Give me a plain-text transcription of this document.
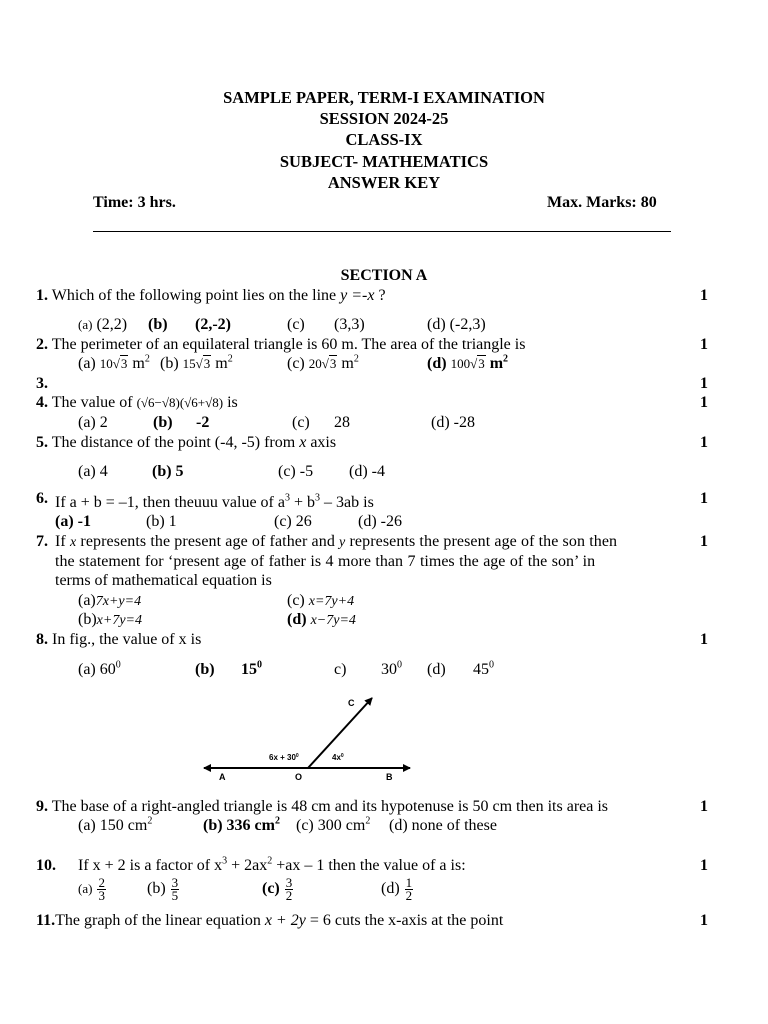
SAMPLE PAPER, TERM-I EXAMINATION
SESSION 2024-25
CLASS-IX
SUBJECT- MATHEMATICS
ANSWER KEY
Time: 3 hrs.	Max. Marks: 80
SECTION A
1. Which of the following point lies on the line y =-x ?	1
(a) (2,2) (b) (2,-2)	(c) (3,3)	(d) (-2,3)
2. The perimeter of an equilateral triangle is 60 m. The area of the triangle is	1
(a) 10√3 $m^2$ (b) 15√3 $m^2$	(c) 20√3 $m^2$	(d) 100√3 $m^2$
3.	1
4. The value of (√6−√8)(√6+√8) is	1
(a) 2	(b) -2	(c) 28	(d) -28
5. The distance of the point (-4, -5) from x axis	1
(a) 4	(b) 5	(c) -5 (d) -4
6. If a + b = –1, then theuuu value of $a^3 + b^3 - 3ab$ is	1
(a) -1	(b) 1	(c) 26	(d) -26
7. If x represents the present age of father and y represents the present age of the son then
the statement for ‘present age of father is 4 more than 7 times the age of the son’ in
terms of mathematical equation is
1
(a)7x+y=4	(c) x=7y+4
(b)x+7y=4	(d) x−7y=4
8. In fig., the value of x is	1
(a) $60^0$	(b) $15^0$	c) $30^0$ (d) $45^0$
C
A	O	B
$6x + 30^0$	$4x^0$
9. The base of a right-angled triangle is 48 cm and its hypotenuse is 50 cm then its area is	1
(a) 150 $cm^2$	(b) 336 $cm^2$ (c) 300 $cm^2$ (d) none of these
10. If x + 2 is a factor of $x^3 + 2ax^2 +ax - 1$ then the value of a is:	1
$(a) \frac{2}{3}$	$(b) \frac{3}{5}$	$(c) \frac{3}{2}$	$(d) \frac{1}{2}$
11.The graph of the linear equation x + 2y = 6 cuts the x-axis at the point	1
